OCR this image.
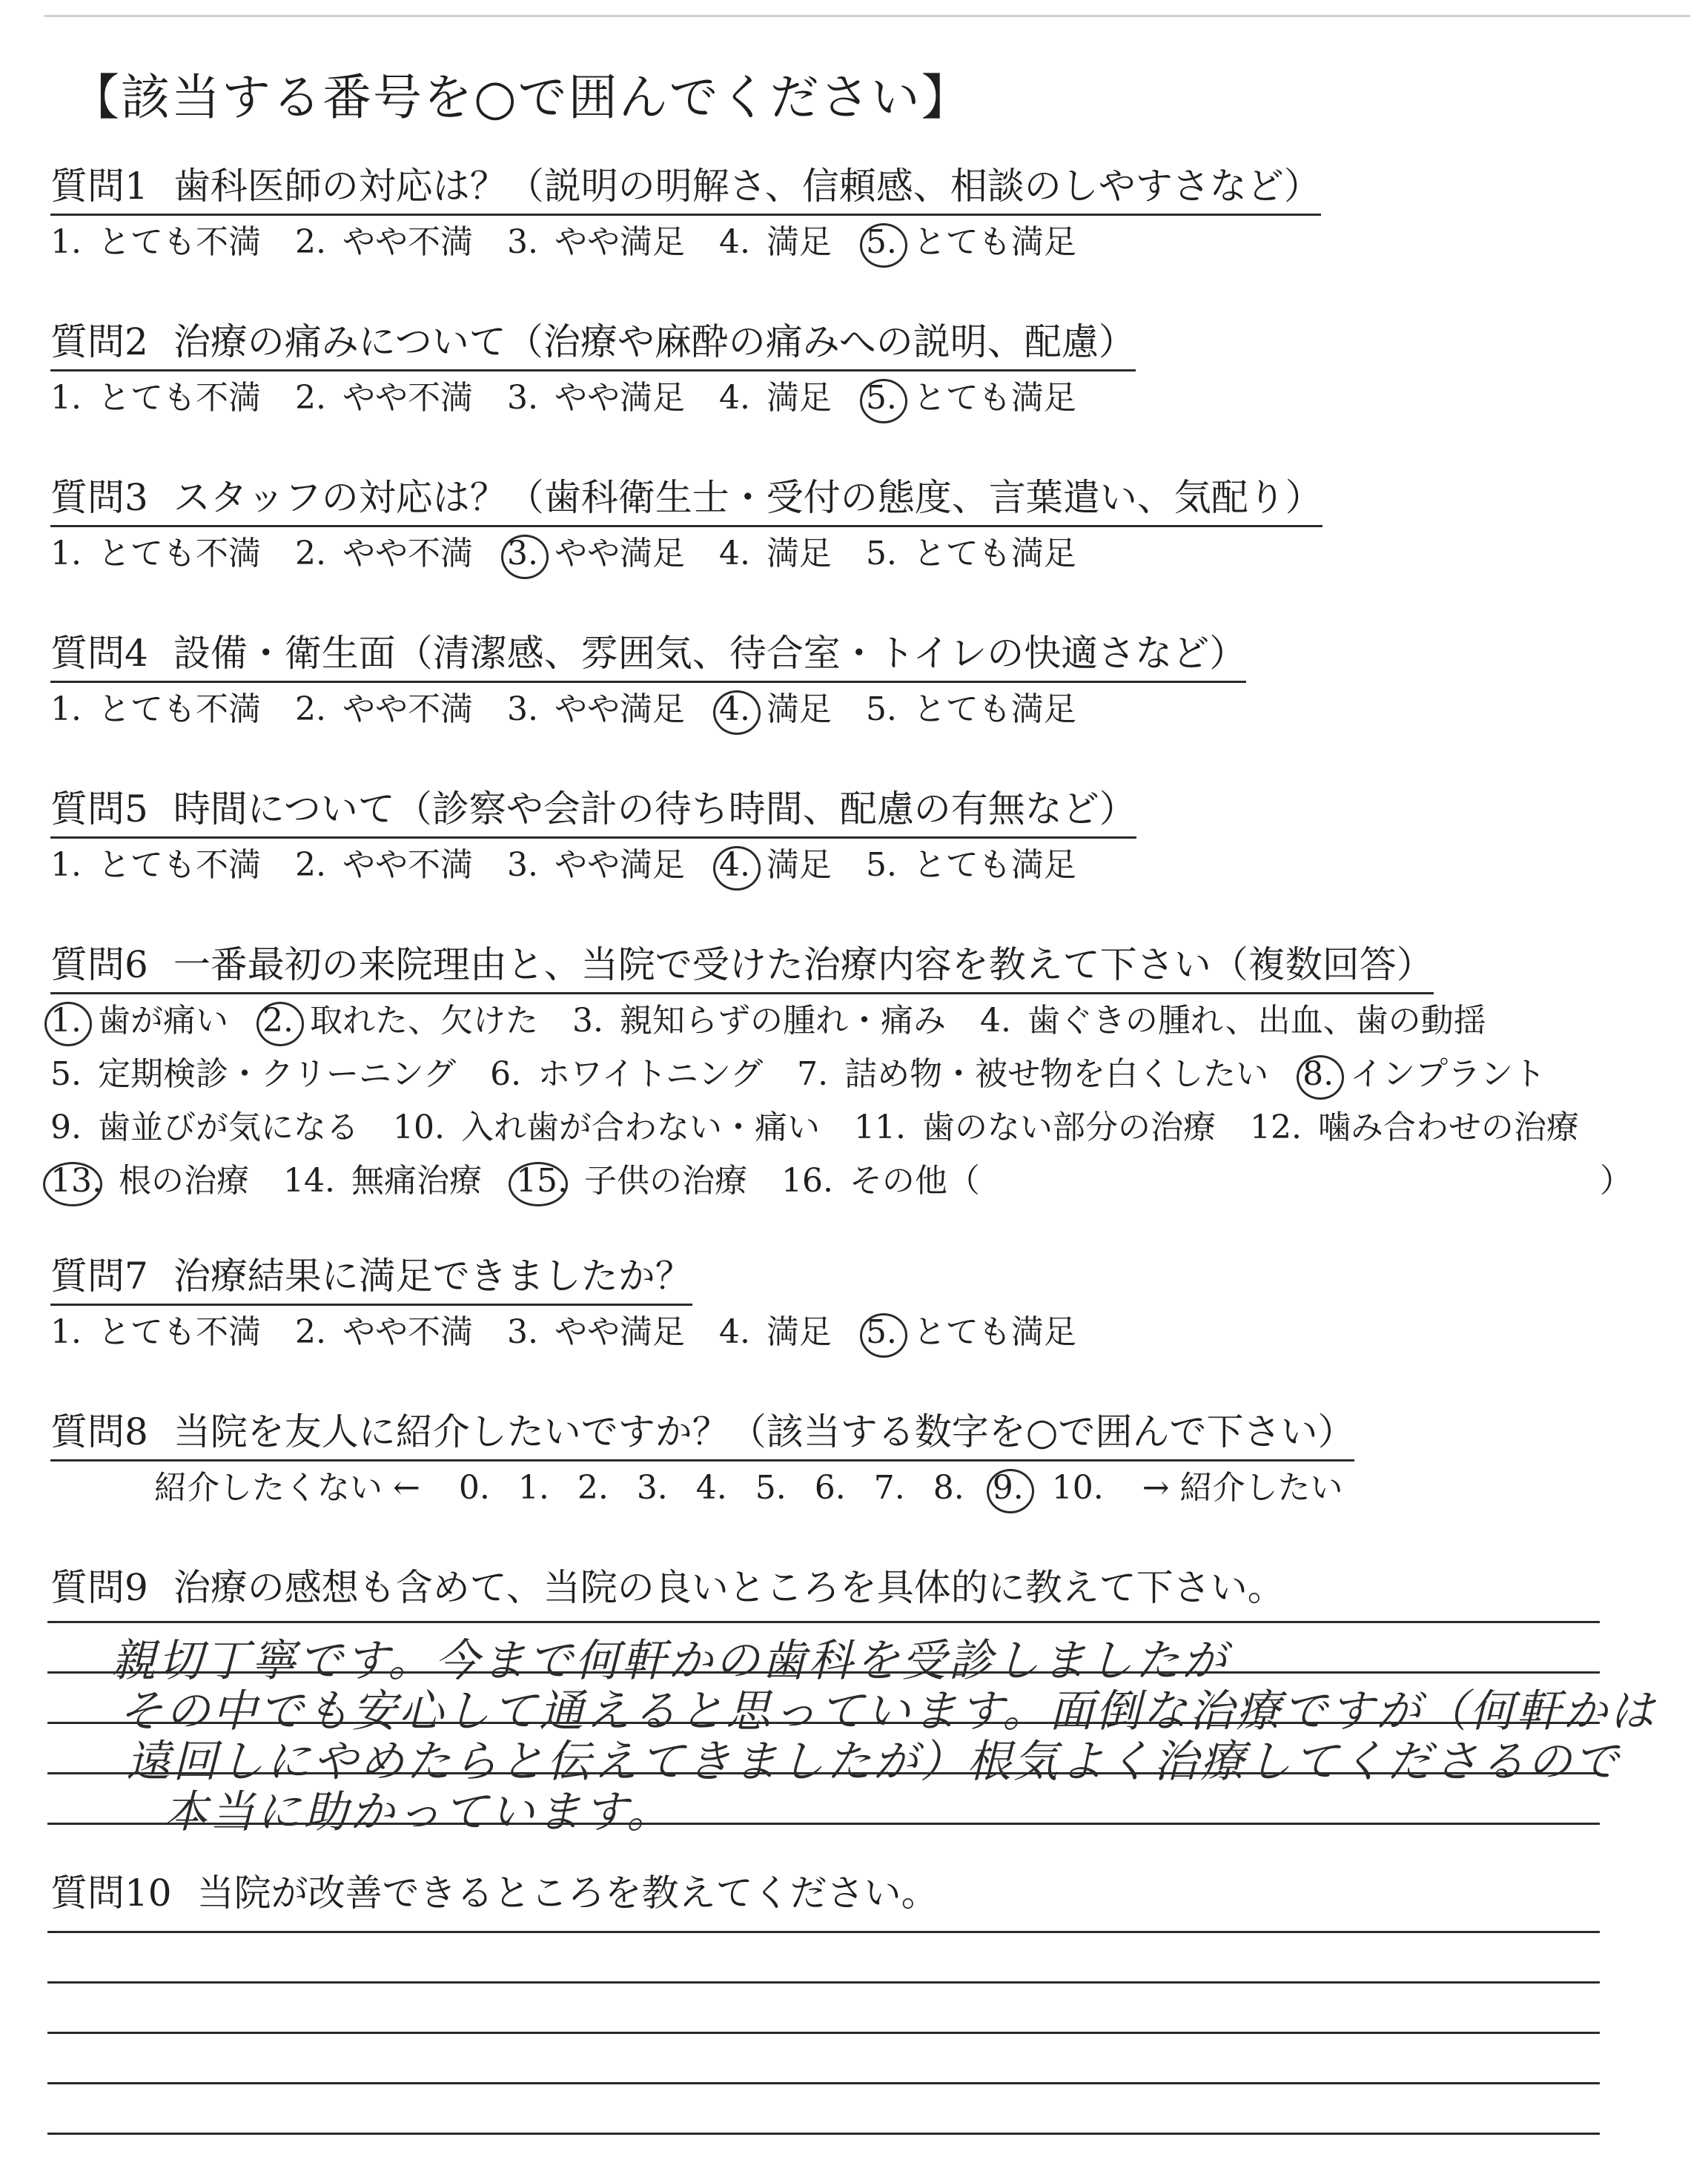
【該当する番号を○で囲んでください】
質問1 歯科医師の対応は？（説明の明解さ、信頼感、相談のしやすさなど）
1. とても不満 2. やや不満 3. やや満足 4. 満足 5. とても満足
質問2 治療の痛みについて（治療や麻酔の痛みへの説明、配慮）
1. とても不満 2. やや不満 3. やや満足 4. 満足 5. とても満足
質問3 スタッフの対応は？（歯科衛生士・受付の態度、言葉遣い、気配り）
1. とても不満 2. やや不満 3. やや満足 4. 満足 5. とても満足
質問4 設備・衛生面（清潔感、雰囲気、待合室・トイレの快適さなど）
1. とても不満 2. やや不満 3. やや満足 4. 満足 5. とても満足
質問5 時間について（診察や会計の待ち時間、配慮の有無など）
1. とても不満 2. やや不満 3. やや満足 4. 満足 5. とても満足
質問6 一番最初の来院理由と、当院で受けた治療内容を教えて下さい（複数回答）
1. 歯が痛い 2. 取れた、欠けた 3. 親知らずの腫れ・痛み 4. 歯ぐきの腫れ、出血、歯の動揺
5. 定期検診・クリーニング 6. ホワイトニング 7. 詰め物・被せ物を白くしたい 8. インプラント
9. 歯並びが気になる 10. 入れ歯が合わない・痛い 11. 歯のない部分の治療 12. 噛み合わせの治療
13. 根の治療 14. 無痛治療 15. 子供の治療 16. その他（	）
質問7 治療結果に満足できましたか？
1. とても不満 2. やや不満 3. やや満足 4. 満足 5. とても満足
質問8 当院を友人に紹介したいですか？（該当する数字を○で囲んで下さい）
紹介したくない ← 0. 1. 2. 3. 4. 5. 6. 7. 8. 9. 10. → 紹介したい
質問9 治療の感想も含めて、当院の良いところを具体的に教えて下さい。
親切丁寧です。今まで何軒かの歯科を受診しましたが
その中でも安心して通えると思っています。面倒な治療ですが（何軒かは
遠回しにやめたらと伝えてきましたが）根気よく治療してくださるので
本当に助かっています。
質問10 当院が改善できるところを教えてください。
